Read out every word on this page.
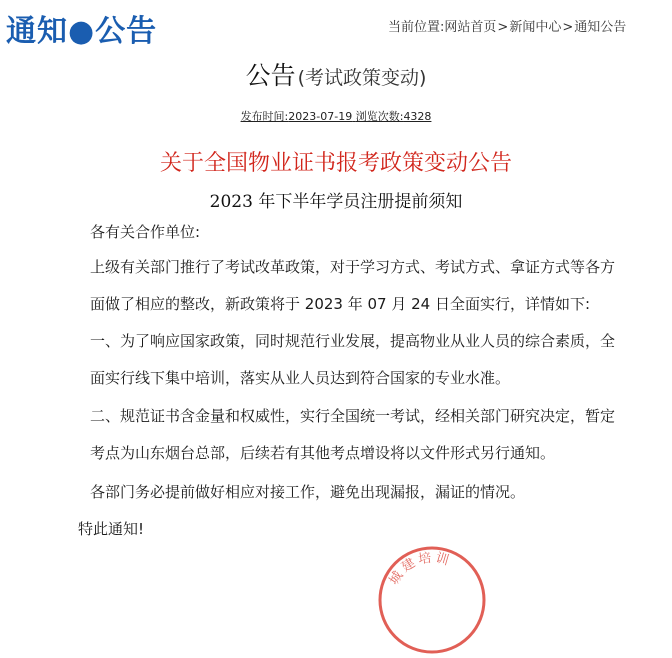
通知●公告	当前位置:网站首页>新闻中心>通知公告
公告 (考试政策变动)
发布时间:2023-07-19 浏览次数:4328
关于全国物业证书报考政策变动公告
2023 年下半年学员注册提前须知
各有关合作单位:
上级有关部门推行了考试改革政策，对于学习方式、考试方式、拿证方式等各方
面做了相应的整改，新政策将于 2023 年 07 月 24 日全面实行，详情如下:
一、为了响应国家政策，同时规范行业发展，提高物业从业人员的综合素质，全
面实行线下集中培训，落实从业人员达到符合国家的专业水准。
二、规范证书含金量和权威性，实行全国统一考试，经相关部门研究决定，暂定
考点为山东烟台总部，后续若有其他考点增设将以文件形式另行通知。
各部门务必提前做好相应对接工作，避免出现漏报，漏证的情况。
特此通知!
城建培训
